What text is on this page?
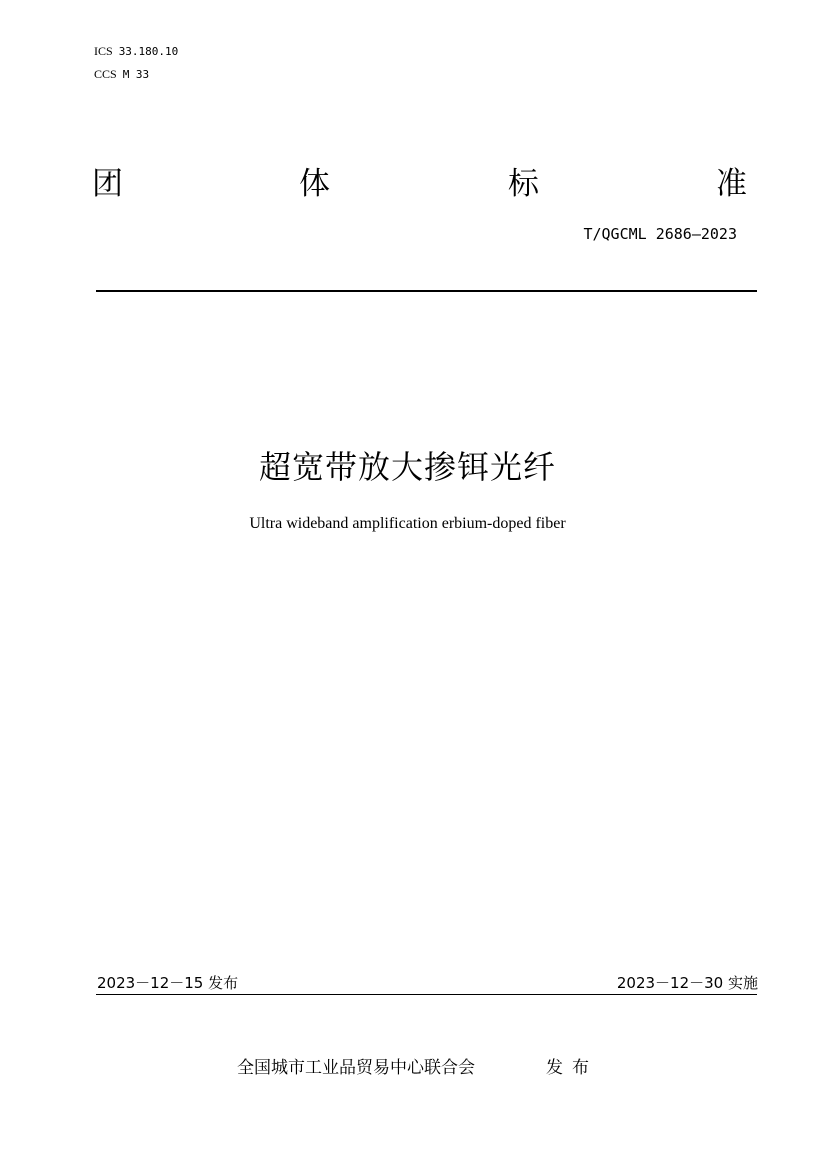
ICS 33.180.10
CCS M 33
团	体	标	准
T/QGCML 2686—2023
超宽带放大掺铒光纤
Ultra wideband amplification erbium-doped fiber
2023－12－15 发布	2023－12－30 实施
全国城市工业品贸易中心联合会	发布
